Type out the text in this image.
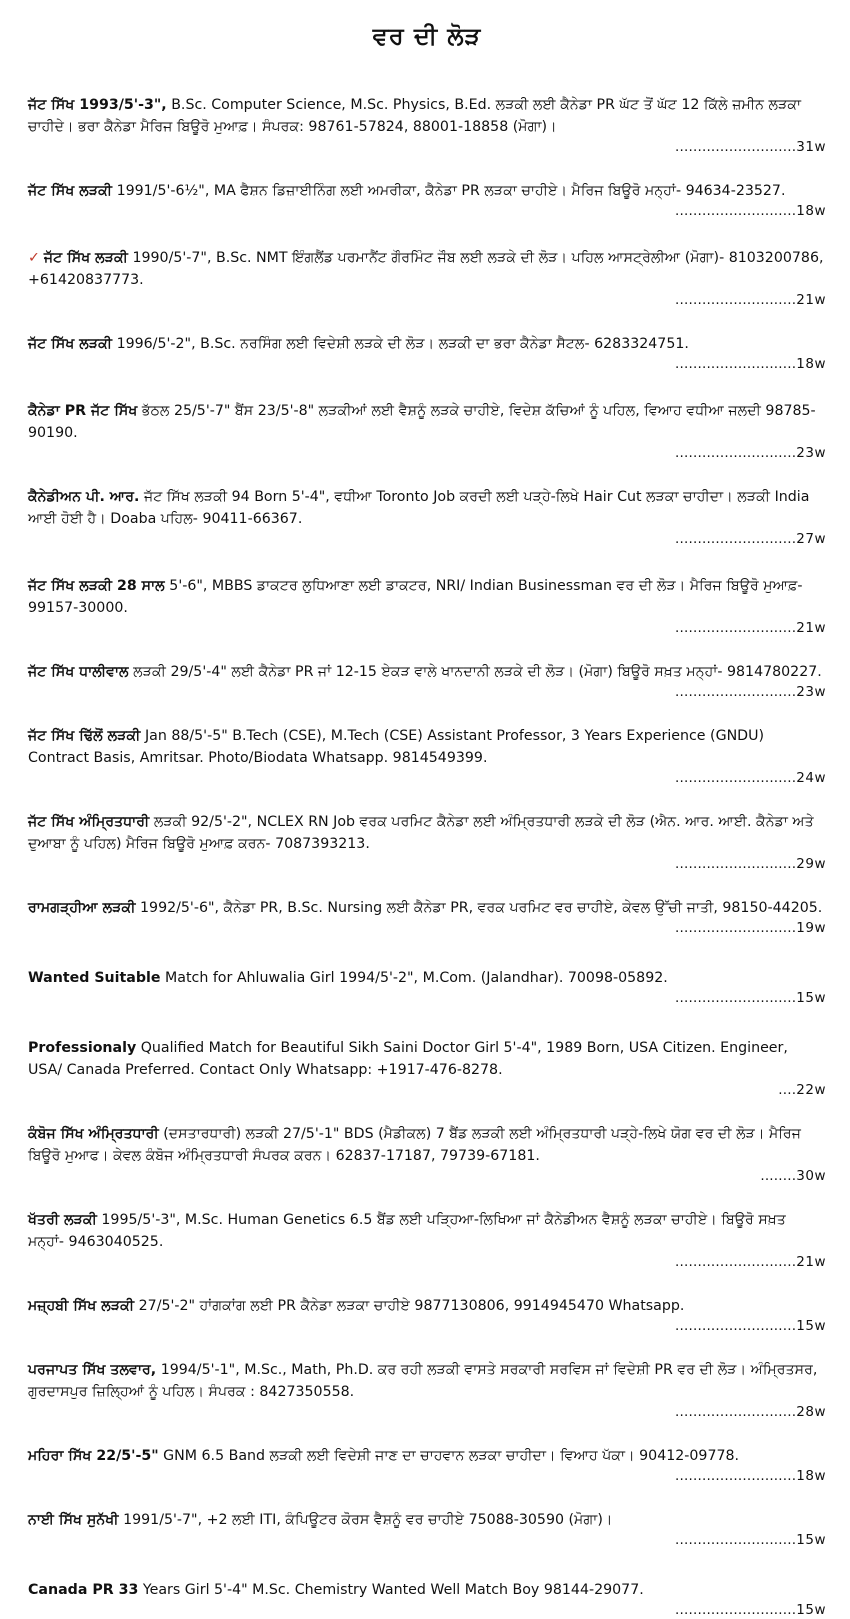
ਵਰ ਦੀ ਲੋੜ

ਜੱਟ ਸਿੱਖ 1993/5'-3", B.Sc. Computer Science, M.Sc. Physics, B.Ed. ਲੜਕੀ ਲਈ ਕੈਨੇਡਾ PR ਘੱਟ ਤੋਂ ਘੱਟ 12 ਕਿੱਲੇ ਜ਼ਮੀਨ ਲੜਕਾ ਚਾਹੀਦੇ। ਭਰਾ ਕੈਨੇਡਾ ਮੈਰਿਜ ਬਿਊਰੋ ਮੁਆਫ਼। ਸੰਪਰਕ: 98761-57824, 88001-18858 (ਮੋਗਾ)।

...........................31w

ਜੱਟ ਸਿੱਖ ਲੜਕੀ 1991/5'-6½", MA ਫੈਸ਼ਨ ਡਿਜ਼ਾਈਨਿੰਗ ਲਈ ਅਮਰੀਕਾ, ਕੈਨੇਡਾ PR ਲੜਕਾ ਚਾਹੀਏ। ਮੈਰਿਜ ਬਿਊਰੋ ਮਨ੍ਹਾਂ- 94634-23527.

...........................18w

✓ ਜੱਟ ਸਿੱਖ ਲੜਕੀ 1990/5'-7", B.Sc. NMT ਇੰਗਲੈਂਡ ਪਰਮਾਨੈਂਟ ਗੌਰਮਿੰਟ ਜੌਬ ਲਈ ਲੜਕੇ ਦੀ ਲੋੜ। ਪਹਿਲ ਆਸਟ੍ਰੇਲੀਆ (ਮੋਗਾ)- 8103200786, +61420837773.

...........................21w

ਜੱਟ ਸਿੱਖ ਲੜਕੀ 1996/5'-2", B.Sc. ਨਰਸਿੰਗ ਲਈ ਵਿਦੇਸ਼ੀ ਲੜਕੇ ਦੀ ਲੋੜ। ਲੜਕੀ ਦਾ ਭਰਾ ਕੈਨੇਡਾ ਸੈਟਲ- 6283324751.

...........................18w

ਕੈਨੇਡਾ PR ਜੱਟ ਸਿੱਖ ਭੱਠਲ 25/5'-7" ਬੈਂਸ 23/5'-8" ਲੜਕੀਆਂ ਲਈ ਵੈਸ਼ਨੂੰ ਲੜਕੇ ਚਾਹੀਏ, ਵਿਦੇਸ਼ ਕੱਚਿਆਂ ਨੂੰ ਪਹਿਲ, ਵਿਆਹ ਵਧੀਆ ਜਲਦੀ 98785-90190.

...........................23w

ਕੈਨੇਡੀਅਨ ਪੀ. ਆਰ. ਜੱਟ ਸਿੱਖ ਲੜਕੀ 94 Born 5'-4", ਵਧੀਆ Toronto Job ਕਰਦੀ ਲਈ ਪੜ੍ਹੇ-ਲਿਖੇ Hair Cut ਲੜਕਾ ਚਾਹੀਦਾ। ਲੜਕੀ India ਆਈ ਹੋਈ ਹੈ। Doaba ਪਹਿਲ- 90411-66367.

...........................27w

ਜੱਟ ਸਿੱਖ ਲੜਕੀ 28 ਸਾਲ 5'-6", MBBS ਡਾਕਟਰ ਲੁਧਿਆਣਾ ਲਈ ਡਾਕਟਰ, NRI/ Indian Businessman ਵਰ ਦੀ ਲੋੜ। ਮੈਰਿਜ ਬਿਊਰੋ ਮੁਆਫ਼- 99157-30000.

...........................21w

ਜੱਟ ਸਿੱਖ ਧਾਲੀਵਾਲ ਲੜਕੀ 29/5'-4" ਲਈ ਕੈਨੇਡਾ PR ਜਾਂ 12-15 ਏਕੜ ਵਾਲੇ ਖਾਨਦਾਨੀ ਲੜਕੇ ਦੀ ਲੋੜ। (ਮੋਗਾ) ਬਿਊਰੋ ਸਖ਼ਤ ਮਨ੍ਹਾਂ- 9814780227.

...........................23w

ਜੱਟ ਸਿੱਖ ਢਿੱਲੋਂ ਲੜਕੀ Jan 88/5'-5" B.Tech (CSE), M.Tech (CSE) Assistant Professor, 3 Years Experience (GNDU) Contract Basis, Amritsar. Photo/Biodata Whatsapp. 9814549399.

...........................24w

ਜੱਟ ਸਿੱਖ ਅੰਮ੍ਰਿਤਧਾਰੀ ਲੜਕੀ 92/5'-2", NCLEX RN Job ਵਰਕ ਪਰਮਿਟ ਕੈਨੇਡਾ ਲਈ ਅੰਮ੍ਰਿਤਧਾਰੀ ਲੜਕੇ ਦੀ ਲੋੜ (ਐਨ. ਆਰ. ਆਈ. ਕੈਨੇਡਾ ਅਤੇ ਦੁਆਬਾ ਨੂੰ ਪਹਿਲ) ਮੈਰਿਜ ਬਿਊਰੋ ਮੁਆਫ਼ ਕਰਨ- 7087393213.

...........................29w

ਰਾਮਗੜ੍ਹੀਆ ਲੜਕੀ 1992/5'-6", ਕੈਨੇਡਾ PR, B.Sc. Nursing ਲਈ ਕੈਨੇਡਾ PR, ਵਰਕ ਪਰਮਿਟ ਵਰ ਚਾਹੀਏ, ਕੇਵਲ ਉੱਚੀ ਜਾਤੀ, 98150-44205.

...........................19w

Wanted Suitable Match for Ahluwalia Girl 1994/5'-2", M.Com. (Jalandhar). 70098-05892.

...........................15w

Professionaly Qualified Match for Beautiful Sikh Saini Doctor Girl 5'-4", 1989 Born, USA Citizen. Engineer, USA/ Canada Preferred. Contact Only Whatsapp: +1917-476-8278.

....22w

ਕੰਬੋਜ ਸਿੱਖ ਅੰਮ੍ਰਿਤਧਾਰੀ (ਦਸਤਾਰਧਾਰੀ) ਲੜਕੀ 27/5'-1" BDS (ਮੈਡੀਕਲ) 7 ਬੈਂਡ ਲੜਕੀ ਲਈ ਅੰਮ੍ਰਿਤਧਾਰੀ ਪੜ੍ਹੇ-ਲਿਖੇ ਯੋਗ ਵਰ ਦੀ ਲੋੜ। ਮੈਰਿਜ ਬਿਊਰੋ ਮੁਆਫ। ਕੇਵਲ ਕੰਬੋਜ ਅੰਮ੍ਰਿਤਧਾਰੀ ਸੰਪਰਕ ਕਰਨ। 62837-17187, 79739-67181.

........30w

ਖੱਤਰੀ ਲੜਕੀ 1995/5'-3", M.Sc. Human Genetics 6.5 ਬੈਂਡ ਲਈ ਪੜ੍ਹਿਆ-ਲਿਖਿਆ ਜਾਂ ਕੈਨੇਡੀਅਨ ਵੈਸ਼ਨੂੰ ਲੜਕਾ ਚਾਹੀਏ। ਬਿਊਰੋ ਸਖ਼ਤ ਮਨ੍ਹਾਂ- 9463040525.

...........................21w

ਮਜ਼੍ਹਬੀ ਸਿੱਖ ਲੜਕੀ 27/5'-2" ਹਾਂਗਕਾਂਗ ਲਈ PR ਕੈਨੇਡਾ ਲੜਕਾ ਚਾਹੀਏ 9877130806, 9914945470 Whatsapp.

...........................15w

ਪਰਜਾਪਤ ਸਿੱਖ ਤਲਵਾਰ, 1994/5'-1", M.Sc., Math, Ph.D. ਕਰ ਰਹੀ ਲੜਕੀ ਵਾਸਤੇ ਸਰਕਾਰੀ ਸਰਵਿਸ ਜਾਂ ਵਿਦੇਸ਼ੀ PR ਵਰ ਦੀ ਲੋੜ। ਅੰਮ੍ਰਿਤਸਰ, ਗੁਰਦਾਸਪੁਰ ਜ਼ਿਲ੍ਹਿਆਂ ਨੂੰ ਪਹਿਲ। ਸੰਪਰਕ : 8427350558.

...........................28w

ਮਹਿਰਾ ਸਿੱਖ 22/5'-5" GNM 6.5 Band ਲੜਕੀ ਲਈ ਵਿਦੇਸ਼ੀ ਜਾਣ ਦਾ ਚਾਹਵਾਨ ਲੜਕਾ ਚਾਹੀਦਾ। ਵਿਆਹ ਪੱਕਾ। 90412-09778.

...........................18w

ਨਾਈ ਸਿੱਖ ਸੁਨੱਖੀ 1991/5'-7", +2 ਲਈ ITI, ਕੰਪਿਊਟਰ ਕੋਰਸ ਵੈਸ਼ਨੂੰ ਵਰ ਚਾਹੀਏ 75088-30590 (ਮੋਗਾ)।

...........................15w

Canada PR 33 Years Girl 5'-4" M.Sc. Chemistry Wanted Well Match Boy 98144-29077.

...........................15w
